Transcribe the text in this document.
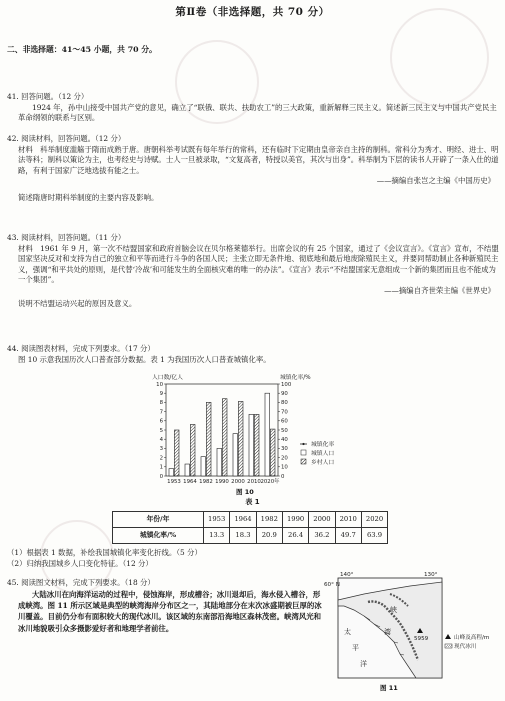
第Ⅱ卷（非选择题，共 70 分）
二、非选择题：41～45 小题，共 70 分。

41. 回答问题。（12 分）

1924 年，孙中山接受中国共产党的意见，确立了“联俄、联共、扶助农工”的三大政策，重新解释三民主义。简述新三民主义与中国共产党民主革命纲领的联系与区别。

42. 阅读材料，回答问题。（12 分）

材料　科举制度滥觞于隋而成熟于唐。唐朝科举考试既有每年举行的常科，还有临时下定期由皇帝亲自主持的制科。常科分为秀才、明经、进士、明法等科；制科以策论为主，也考经史与诗赋。士人一旦被录取，“文复高者，特授以美官，其次与出身”。科举制为下层的读书人开辟了一条入仕的道路，有利于国家广泛地选拔有能之士。

——摘编自张岂之主编《中国历史》

简述隋唐时期科举制度的主要内容及影响。

43. 阅读材料，回答问题。（11 分）

材料　1961 年 9 月，第一次不结盟国家和政府首脑会议在贝尔格莱德举行。出席会议的有 25 个国家，通过了《会议宣言》。《宣言》宣布，不结盟国家坚决反对和支持为自己的独立和平等而进行斗争的各国人民；主张立即无条件地、彻底地和最后地废除殖民主义，并要同帮助制止各种新殖民主义，强调“和平共处的原则，是代替‘冷战’和可能发生的全面核灾难的唯一的办法”。《宣言》表示“不结盟国家无意组成一个新的集团而且也不能成为一个集团”。

——摘编自齐世荣主编《世界史》

说明不结盟运动兴起的原因及意义。

44. 阅读图表材料，完成下列要求。（17 分）

图 10 示意我国历次人口普查部分数据。表 1 为我国历次人口普查城镇化率。

人口数/亿人	城镇化率/%
0
1
2
3
4
5
6
7
8
9
10
0
10
20
30
40
50
60
70
80
90
100
1953 1964 1982 1990 2000 2010 2020年
城镇化率
城镇人口
乡村人口
图 10
表 1
年份/年	1953	1964	1982	1990	2000	2010	2020
城镇化率/%	13.3	18.3	20.9	26.4	36.2	49.7	63.9

（1）根据表 1 数据，补绘我国城镇化率变化折线。（5 分）

（2）归纳我国城乡人口变化特征。（12 分）

45. 阅读图文材料，完成下列要求。（18 分）

大陆冰川在向海洋运动的过程中，侵蚀海岸，形成槽谷；冰川退却后，海水侵入槽谷，形成峡湾。图 11 所示区域是典型的峡湾海岸分布区之一，其陆地部分在末次冰盛期被巨厚的冰川覆盖。目前仍分布有面积较大的现代冰川。该区域的东南部沿海地区森林茂密。峡湾风光和冰川地貌吸引众多摄影爱好者和地理学者前往。

140°	130°
60° N
太
平
洋
峡
湾
5959	山峰及高程/m
现代冰川
图 11
